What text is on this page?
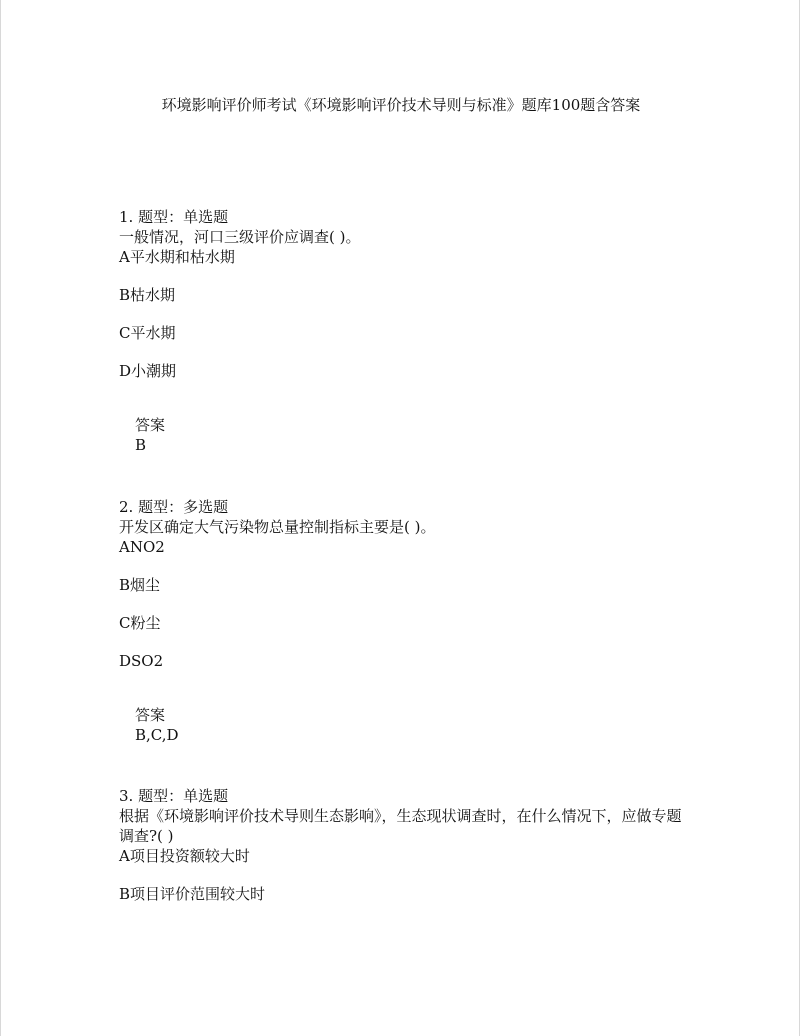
环境影响评价师考试《环境影响评价技术导则与标准》题库100题含答案
1. 题型：单选题
一般情况，河口三级评价应调查( )。
A平水期和枯水期
B枯水期
C平水期
D小潮期
答案
B
2. 题型：多选题
开发区确定大气污染物总量控制指标主要是( )。
ANO2
B烟尘
C粉尘
DSO2
答案
B,C,D
3. 题型：单选题
根据《环境影响评价技术导则生态影响》，生态现状调查时，在什么情况下，应做专题调查?( )
A项目投资额较大时
B项目评价范围较大时
